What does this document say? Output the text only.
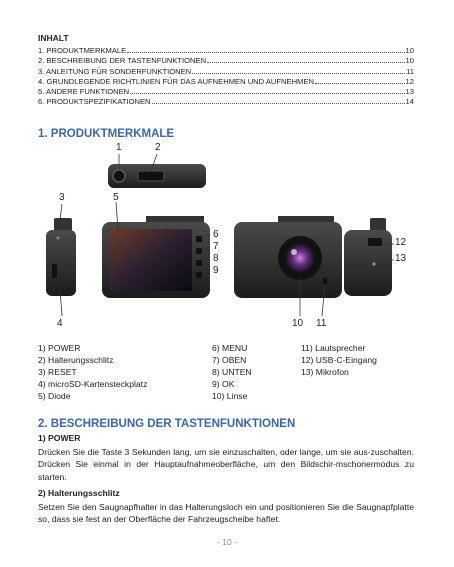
INHALT
1. PRODUKTMERKMALE	10
2. BESCHREIBUNG DER TASTENFUNKTIONEN	10
3. ANLEITUNG FÜR SONDERFUNKTIONEN	11
4. GRUNDLEGENDE RICHTLINIEN FÜR DAS AUFNEHMEN UND AUFNEHMEN	12
5. ANDERE FUNKTIONEN	13
6. PRODUKTSPEZIFIKATIONEN	14
1. PRODUKTMERKMALE
1	2
3	5
6
7
8
9
12
13
4	10 11
1) POWER
2) Halterungsschlitz
3) RESET
4) microSD-Kartensteckplatz
5) Diode
6) MENU
7) OBEN
8) UNTEN
9) OK
10) Linse
11) Lautsprecher
12) USB-C-Eingang
13) Mikrofon
2. BESCHREIBUNG DER TASTENFUNKTIONEN
1) POWER
Drücken Sie die Taste 3 Sekunden lang, um sie einzuschalten, oder lange, um sie aus-zuschalten. Drücken Sie einmal in der Hauptaufnahmeoberfläche, um den Bildschir-mschonermodus zu starten.
2) Halterungsschlitz
Setzen Sie den Saugnapfhalter in das Halterungsloch ein und positionieren Sie die Saugnapfplatte so, dass sie fest an der Oberfläche der Fahrzeugscheibe haftet.
- 10 -
